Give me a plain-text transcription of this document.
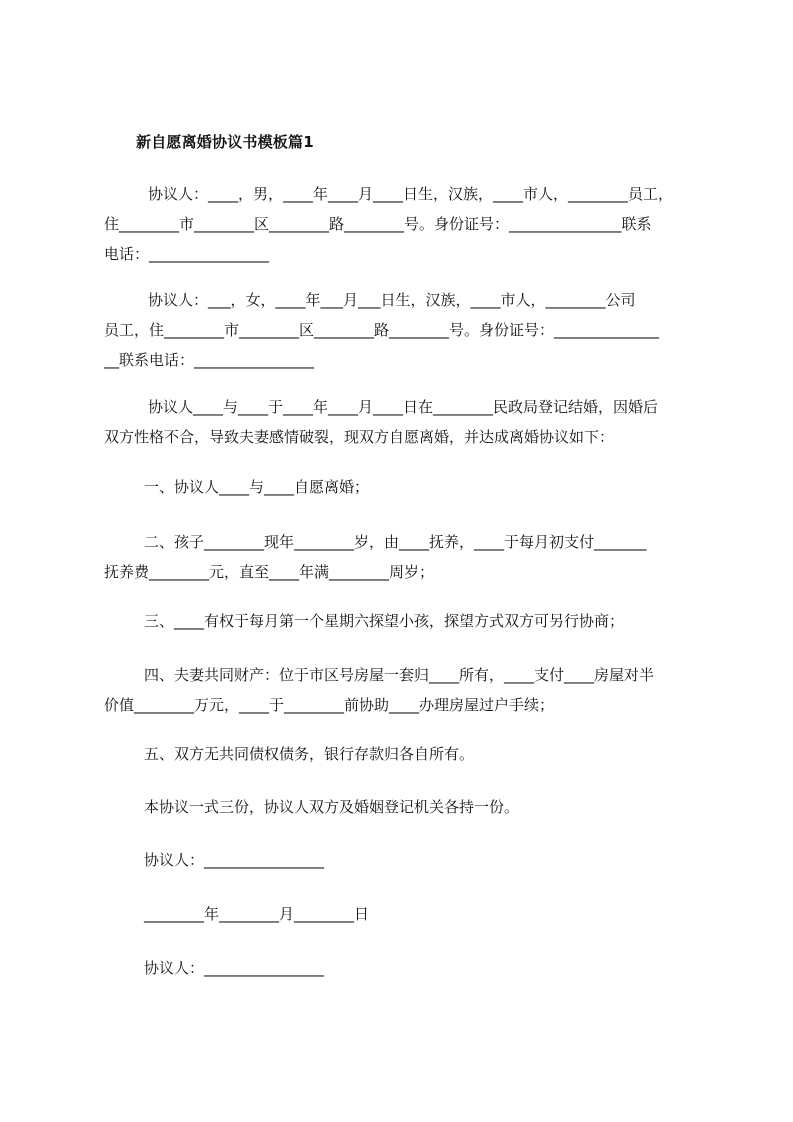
新自愿离婚协议书模板篇1
协议人：____，男，____年____月____日生，汉族，____市人，________员工，
住________市________区________路________号。身份证号：_______________联系
电话：________________
协议人：___，女，____年___月___日生，汉族，____市人，________公司
员工，住________市________区________路________号。身份证号：______________
__联系电话：________________
协议人____与____于____年____月____日在________民政局登记结婚，因婚后
双方性格不合，导致夫妻感情破裂，现双方自愿离婚，并达成离婚协议如下：
一、协议人____与____自愿离婚；
二、孩子________现年________岁，由____抚养，____于每月初支付_______
抚养费________元，直至____年满________周岁；
三、____有权于每月第一个星期六探望小孩，探望方式双方可另行协商；
四、夫妻共同财产：位于市区号房屋一套归____所有，____支付____房屋对半
价值________万元，____于________前协助____办理房屋过户手续；
五、双方无共同债权债务，银行存款归各自所有。
本协议一式三份，协议人双方及婚姻登记机关各持一份。
协议人：________________
________年________月________日
协议人：________________
